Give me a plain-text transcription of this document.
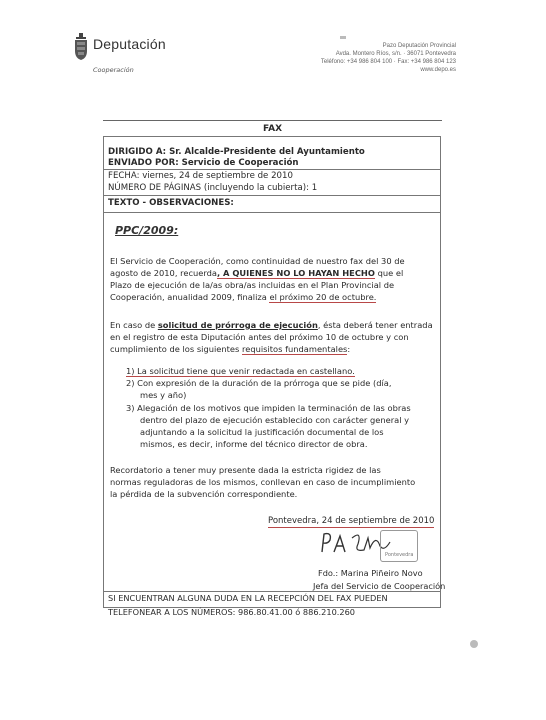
Deputación
Cooperación
Pazo Deputación Provincial
Avda. Montero Ríos, s/n. · 36071 Pontevedra
Teléfono: +34 986 804 100 · Fax: +34 986 804 123
www.depo.es
FAX
DIRIGIDO A: Sr. Alcalde-Presidente del Ayuntamiento
ENVIADO POR: Servicio de Cooperación
FECHA: viernes, 24 de septiembre de 2010
NÚMERO DE PÁGINAS (incluyendo la cubierta): 1
TEXTO - OBSERVACIONES:
PPC/2009:
El Servicio de Cooperación, como continuidad de nuestro fax del 30 de
agosto de 2010, recuerda, A QUIENES NO LO HAYAN HECHO que el
Plazo de ejecución de la/as obra/as incluidas en el Plan Provincial de
Cooperación, anualidad 2009, finaliza el próximo 20 de octubre.
En caso de solicitud de prórroga de ejecución, ésta deberá tener entrada
en el registro de esta Diputación antes del próximo 10 de octubre y con
cumplimiento de los siguientes requisitos fundamentales:
1) La solicitud tiene que venir redactada en castellano.
2) Con expresión de la duración de la prórroga que se pide (día,
mes y año)
3) Alegación de los motivos que impiden la terminación de las obras
dentro del plazo de ejecución establecido con carácter general y
adjuntando a la solicitud la justificación documental de los
mismos, es decir, informe del técnico director de obra.
Recordatorio a tener muy presente dada la estricta rigidez de las
normas reguladoras de los mismos, conllevan en caso de incumplimiento
la pérdida de la subvención correspondiente.
Pontevedra, 24 de septiembre de 2010
Pontevedra
Fdo.: Marina Piñeiro Novo
Jefa del Servicio de Cooperación
SI ENCUENTRAN ALGUNA DUDA EN LA RECEPCIÓN DEL FAX PUEDEN
TELEFONEAR A LOS NÚMEROS: 986.80.41.00 ó 886.210.260
